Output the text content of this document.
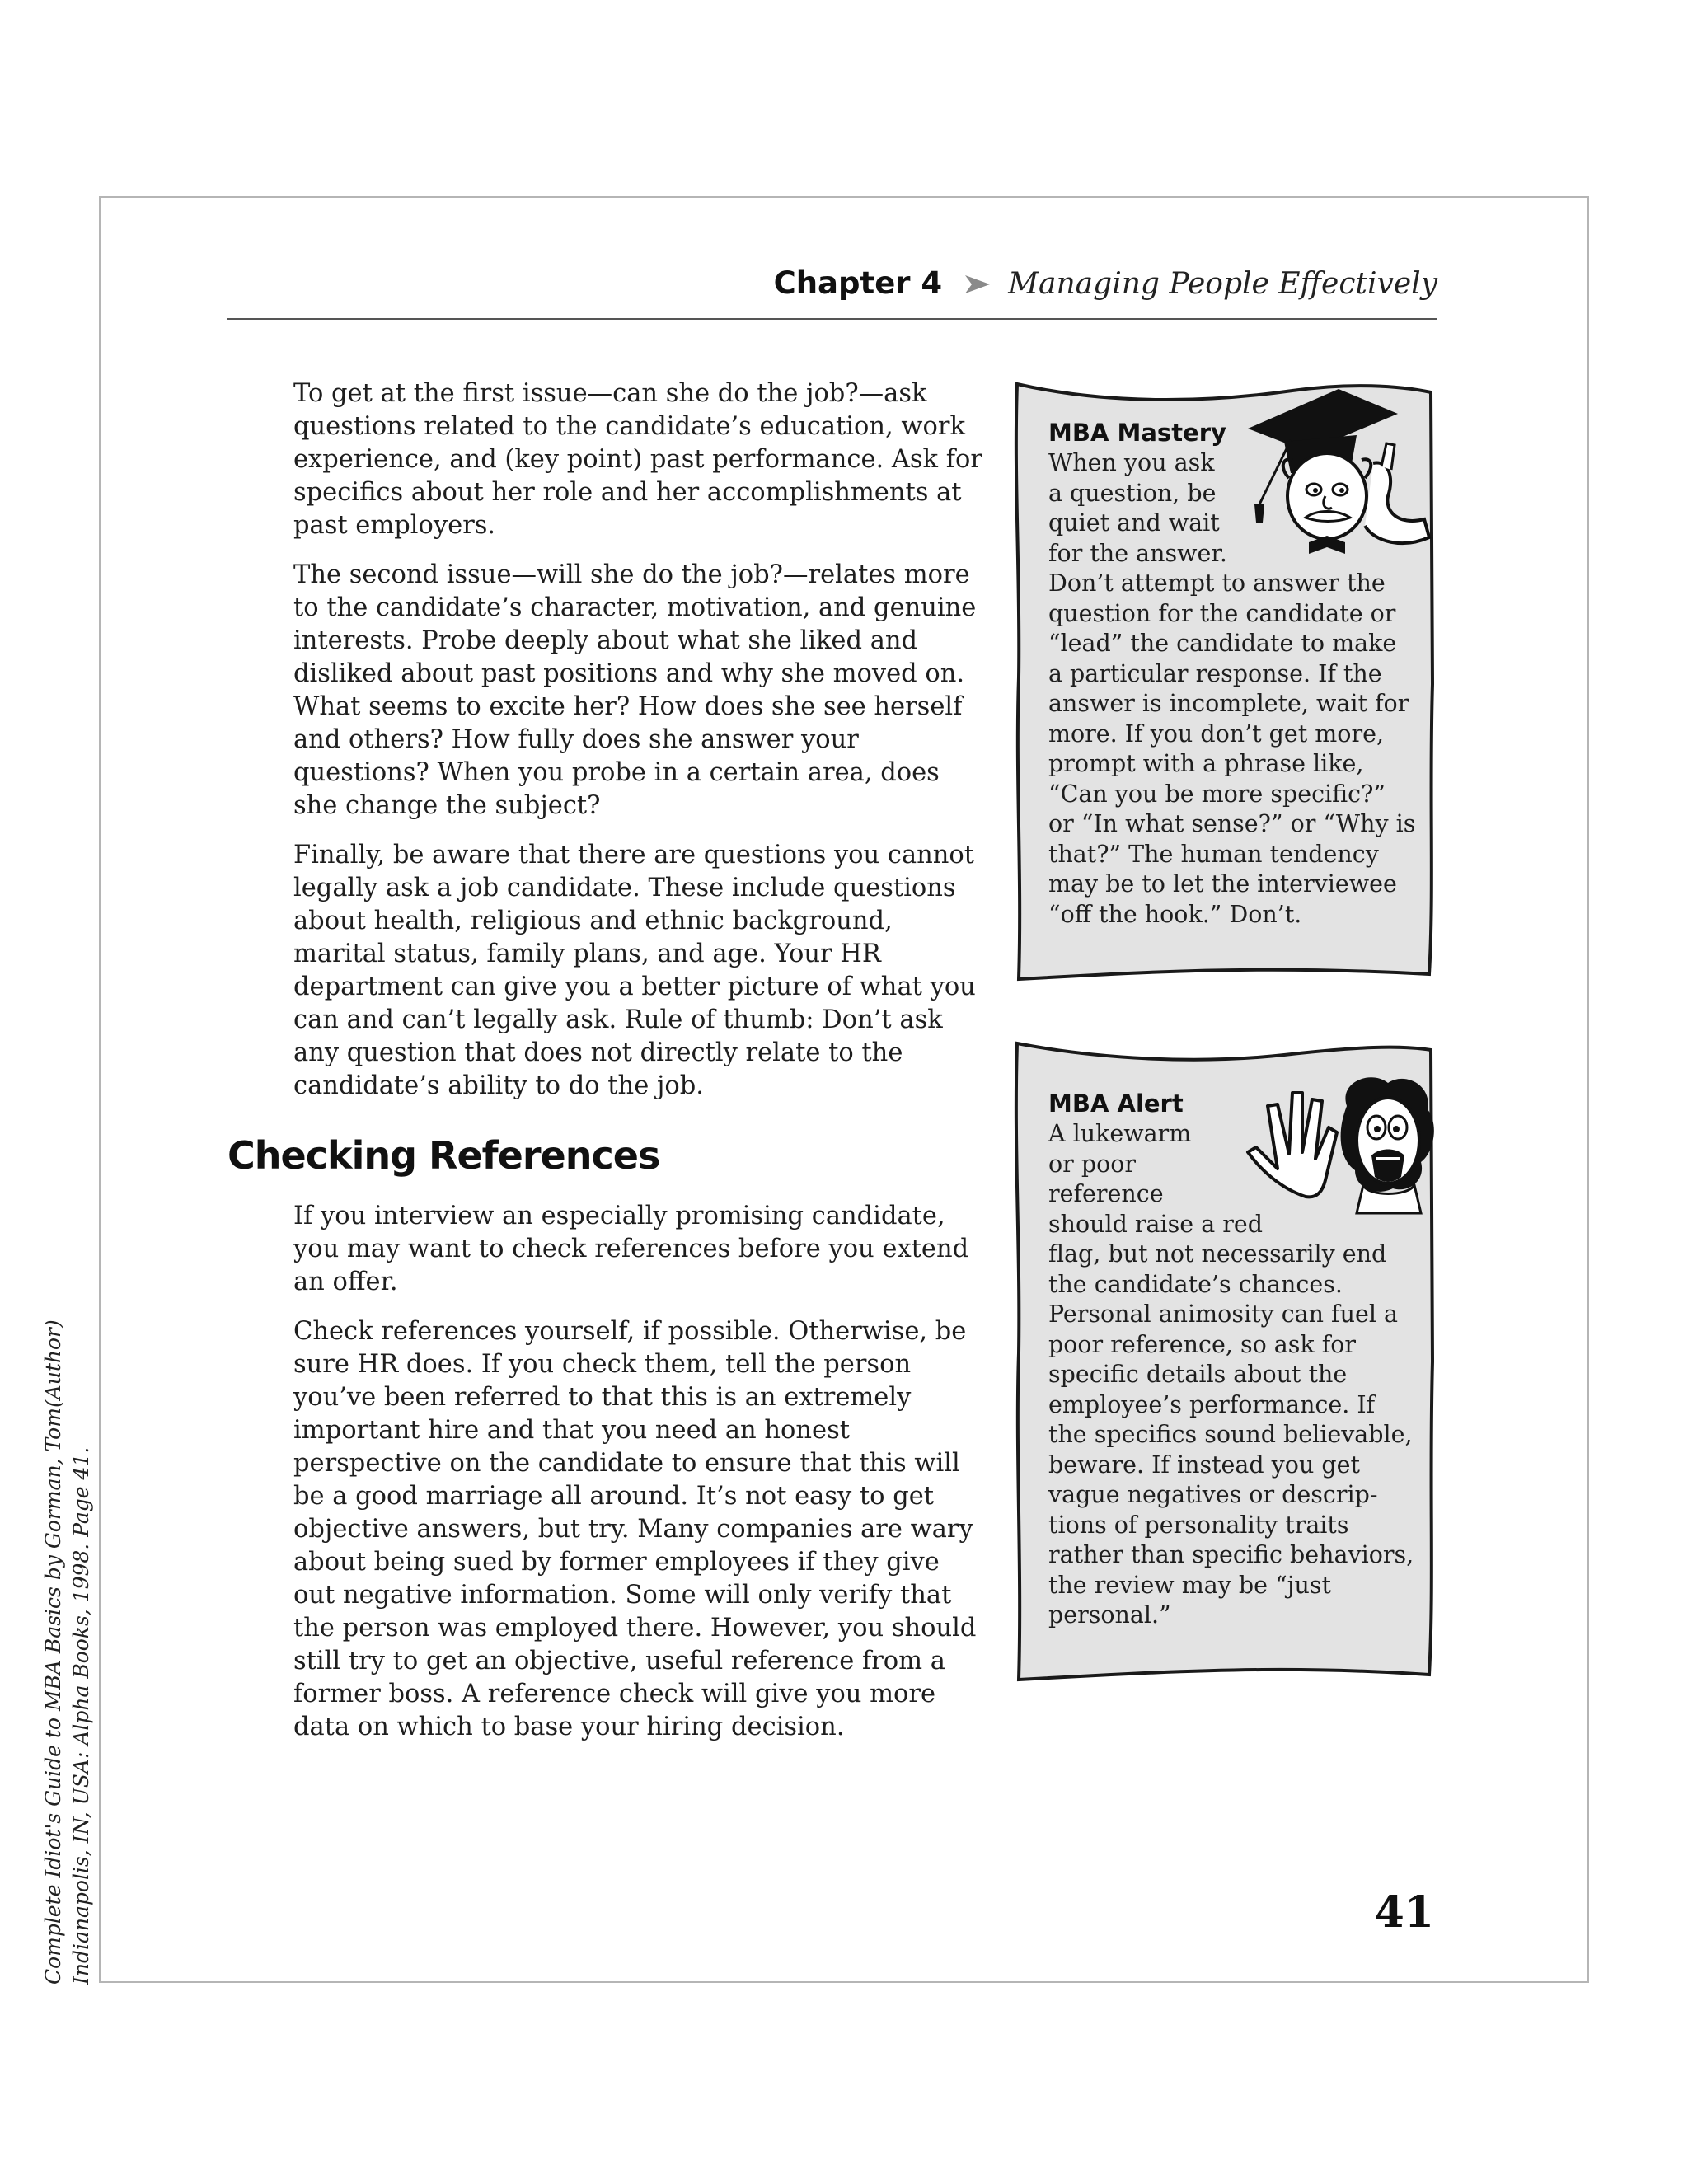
Complete Idiot's Guide to MBA Basics by Gorman, Tom(Author) Indianapolis, IN, USA: Alpha Books, 1998. Page 41.
Chapter 4 Managing People Effectively

To get at the first issue—can she do the job?—ask questions related to the candidate’s education, work experience, and (key point) past performance. Ask for specifics about her role and her accomplishments at past employers.

The second issue—will she do the job?—relates more to the candidate’s character, motivation, and genuine interests. Probe deeply about what she liked and disliked about past positions and why she moved on. What seems to excite her? How does she see herself and others? How fully does she answer your questions? When you probe in a certain area, does she change the subject?

Finally, be aware that there are questions you cannot legally ask a job candidate. These include questions about health, religious and ethnic background, marital status, family plans, and age. Your HR department can give you a better picture of what you can and can’t legally ask. Rule of thumb: Don’t ask any question that does not directly relate to the candidate’s ability to do the job.

Checking References

If you interview an especially promising candidate, you may want to check references before you extend an offer.

Check references yourself, if possible. Otherwise, be sure HR does. If you check them, tell the person you’ve been referred to that this is an extremely important hire and that you need an honest perspective on the candidate to ensure that this will be a good marriage all around. It’s not easy to get objective answers, but try. Many companies are wary about being sued by former employees if they give out negative information. Some will only verify that the person was employed there. However, you should still try to get an objective, useful reference from a former boss. A reference check will give you more data on which to base your hiring decision.

MBA Mastery
When you ask
a question, be
quiet and wait
for the answer.
Don’t attempt to answer the
question for the candidate or
“lead” the candidate to make
a particular response. If the
answer is incomplete, wait for
more. If you don’t get more,
prompt with a phrase like,
“Can you be more specific?”
or “In what sense?” or “Why is
that?” The human tendency
may be to let the interviewee
“off the hook.” Don’t.
MBA Alert
A lukewarm
or poor
reference
should raise a red
flag, but not necessarily end
the candidate’s chances.
Personal animosity can fuel a
poor reference, so ask for
specific details about the
employee’s performance. If
the specifics sound believable,
beware. If instead you get
vague negatives or descrip-
tions of personality traits
rather than specific behaviors,
the review may be “just
personal.”
41
